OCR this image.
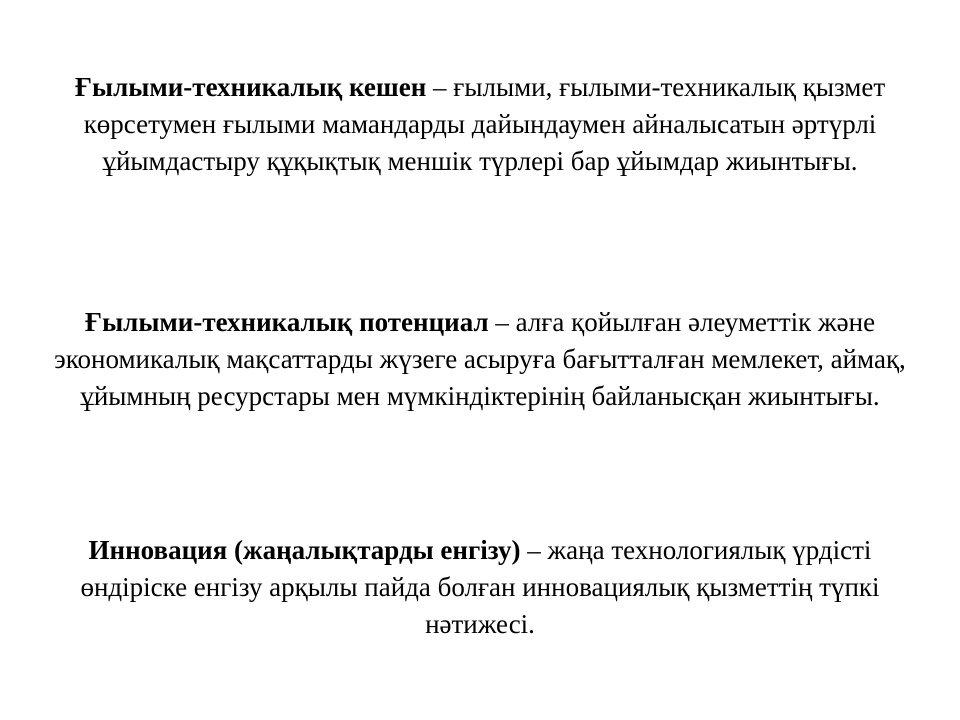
Ғылыми-техникалық кешен – ғылыми, ғылыми-техникалық қызмет көрсетумен ғылыми мамандарды дайындаумен айналысатын әртүрлі ұйымдастыру құқықтық меншік түрлері бар ұйымдар жиынтығы.

Ғылыми-техникалық потенциал – алға қойылған әлеуметтік және экономикалық мақсаттарды жүзеге асыруға бағытталған мемлекет, аймақ, ұйымның ресурстары мен мүмкіндіктерінің байланысқан жиынтығы.

Инновация (жаңалықтарды енгізу) – жаңа технологиялық үрдісті өндіріске енгізу арқылы пайда болған инновациялық қызметтің түпкі нәтижесі.
